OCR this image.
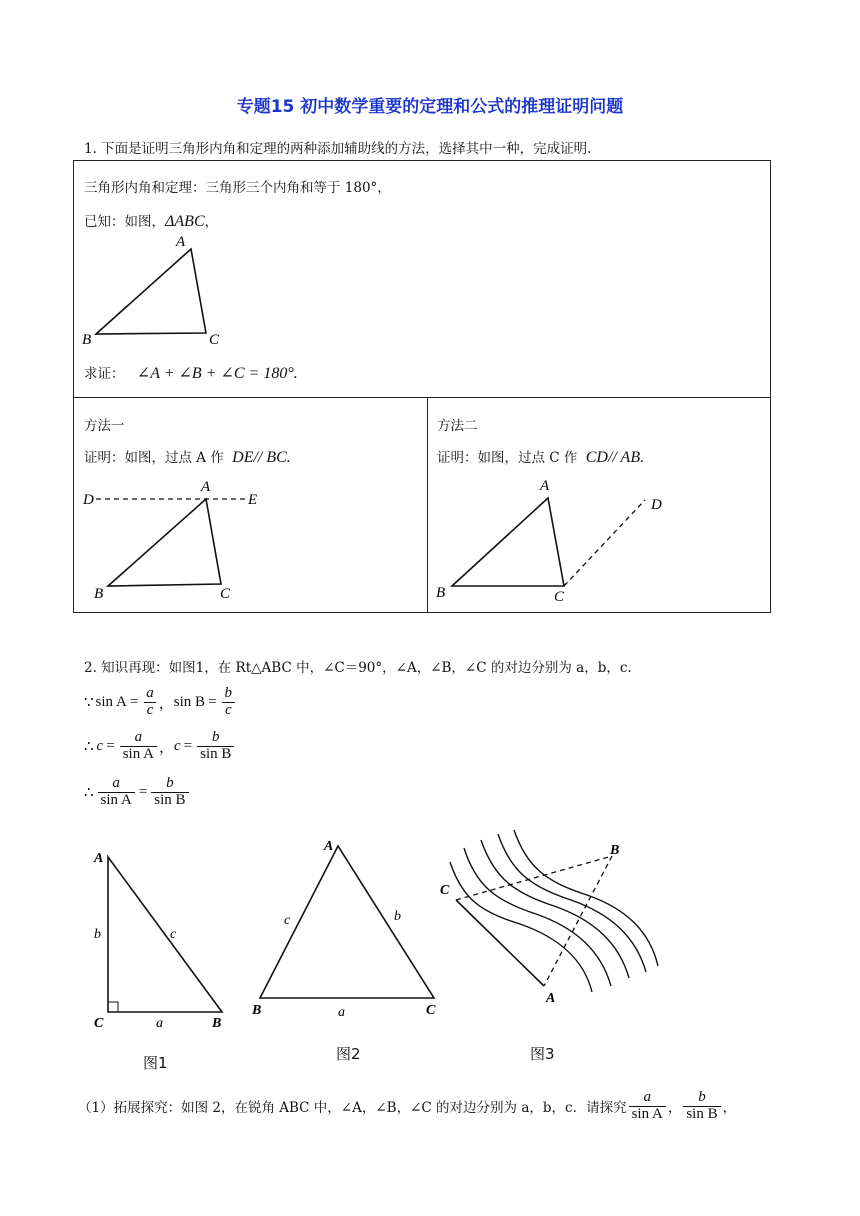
专题15 初中数学重要的定理和公式的推理证明问题
1. 下面是证明三角形内角和定理的两种添加辅助线的方法，选择其中一种，完成证明.
三角形内角和定理：三角形三个内角和等于 180°，
已知：如图，ΔABC，
A
B	C
求证： ∠A + ∠B + ∠C = 180°.
方法一
证明：如图，过点 A 作 DE// BC.
D	E
A
B	C
方法二
证明：如图，过点 C 作 CD// AB.
A
B	C
D
2. 知识再现：如图1，在 Rt△ABC 中，∠C＝90°，∠A，∠B，∠C 的对边分别为 a，b，c.
∵ $\sin A = \frac{a}{c}$ ， $\sin B = \frac{b}{c}$
∴ $c = \frac{a}{\text{sin A}}$ ， $c = \frac{b}{\text{sin B}}$
∴ $\frac{a}{\text{sin A}} = \frac{b}{\text{sin B}}$
A
C	B
b	c
a
图1
A
B	C
c	b
a
图2
C
B
A
图3
（1）拓展探究：如图 2，在锐角 ABC 中，∠A，∠B，∠C 的对边分别为 a，b，c．请探究 $\frac{a}{\text{sin A}}$ ， $\frac{b}{\text{sin B}}$ ，
